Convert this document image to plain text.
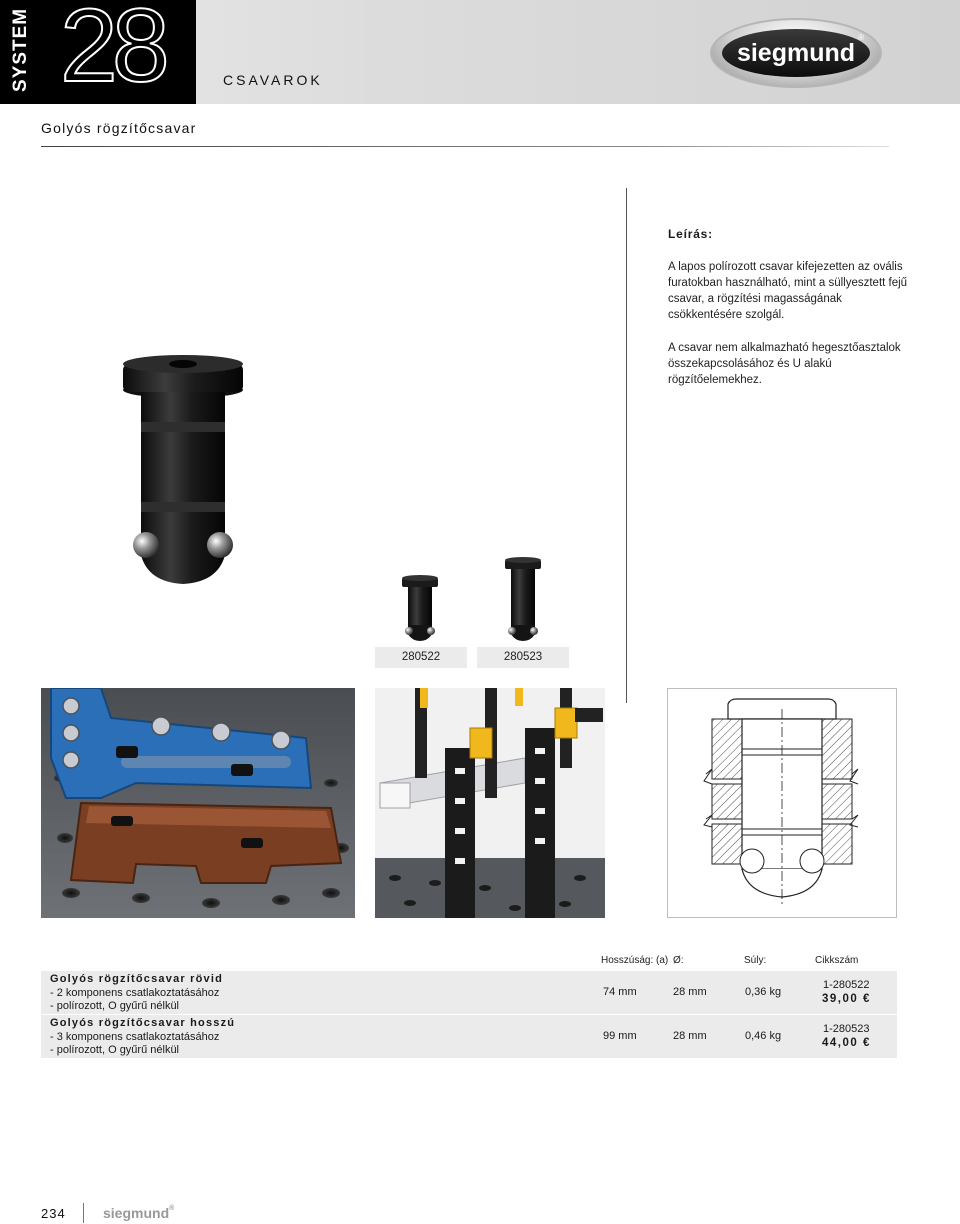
SYSTEM 28	CSAVAROK
siegmund
®
Golyós rögzítőcsavar
Leírás:
A lapos polírozott csavar kifejezetten az ovális furatokban használható, mint a süllyesztett fejű csavar, a rögzítési magasságának csökkentésére szolgál.
A csavar nem alkalmazható hegesztőasztalok összekapcsolásához és U alakú rögzítőelemekhez.
280522	280523
Hosszúság: (a) Ø:	Súly:	Cikkszám
Golyós rögzítőcsavar rövid
- 2 komponens csatlakoztatásához
- polírozott, O gyűrű nélkül
74 mm	28 mm	0,36 kg
1-280522
39,00 €
Golyós rögzítőcsavar hosszú
- 3 komponens csatlakoztatásához
- polírozott, O gyűrű nélkül
99 mm	28 mm	0,46 kg
1-280523
44,00 €
234	siegmund®
